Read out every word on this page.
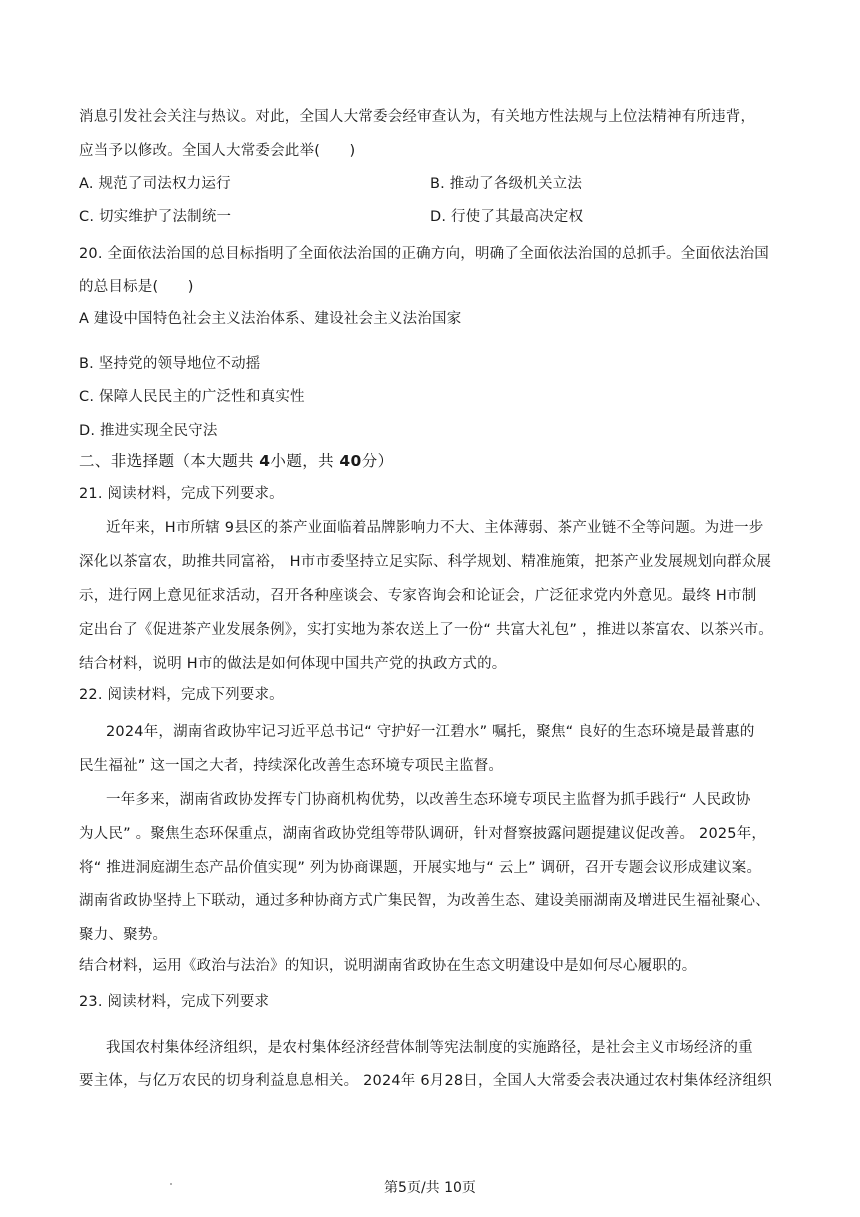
消息引发社会关注与热议。对此，全国人大常委会经审查认为，有关地方性法规与上位法精神有所违背，
应当予以修改。全国人大常委会此举(　　)
A. 规范了司法权力运行	B. 推动了各级机关立法
C. 切实维护了法制统一	D. 行使了其最高决定权
20. 全面依法治国的总目标指明了全面依法治国的正确方向，明确了全面依法治国的总抓手。全面依法治国
的总目标是(　　)
A 建设中国特色社会主义法治体系、建设社会主义法治国家
B. 坚持党的领导地位不动摇
C. 保障人民民主的广泛性和真实性
D. 推进实现全民守法
二、非选择题（本大题共 4小题，共 40分）
21. 阅读材料，完成下列要求。
近年来，H市所辖 9县区的茶产业面临着品牌影响力不大、主体薄弱、茶产业链不全等问题。为进一步
深化以茶富农，助推共同富裕， H市市委坚持立足实际、科学规划、精准施策，把茶产业发展规划向群众展
示，进行网上意见征求活动，召开各种座谈会、专家咨询会和论证会，广泛征求党内外意见。最终 H市制
定出台了《促进茶产业发展条例》，实打实地为茶农送上了一份“ 共富大礼包” ，推进以茶富农、以茶兴市。
结合材料，说明 H市的做法是如何体现中国共产党的执政方式的。
22. 阅读材料，完成下列要求。
2024年，湖南省政协牢记习近平总书记“ 守护好一江碧水” 嘱托，聚焦“ 良好的生态环境是最普惠的
民生福祉” 这一国之大者，持续深化改善生态环境专项民主监督。
一年多来，湖南省政协发挥专门协商机构优势，以改善生态环境专项民主监督为抓手践行“ 人民政协
为人民” 。聚焦生态环保重点，湖南省政协党组等带队调研，针对督察披露问题提建议促改善。 2025年，
将“ 推进洞庭湖生态产品价值实现” 列为协商课题，开展实地与“ 云上” 调研，召开专题会议形成建议案。
湖南省政协坚持上下联动，通过多种协商方式广集民智，为改善生态、建设美丽湖南及增进民生福祉聚心、
聚力、聚势。
结合材料，运用《政治与法治》的知识，说明湖南省政协在生态文明建设中是如何尽心履职的。
23. 阅读材料，完成下列要求
我国农村集体经济组织，是农村集体经济经营体制等宪法制度的实施路径，是社会主义市场经济的重
要主体，与亿万农民的切身利益息息相关。 2024年 6月28日，全国人大常委会表决通过农村集体经济组织
第5页/共 10页
